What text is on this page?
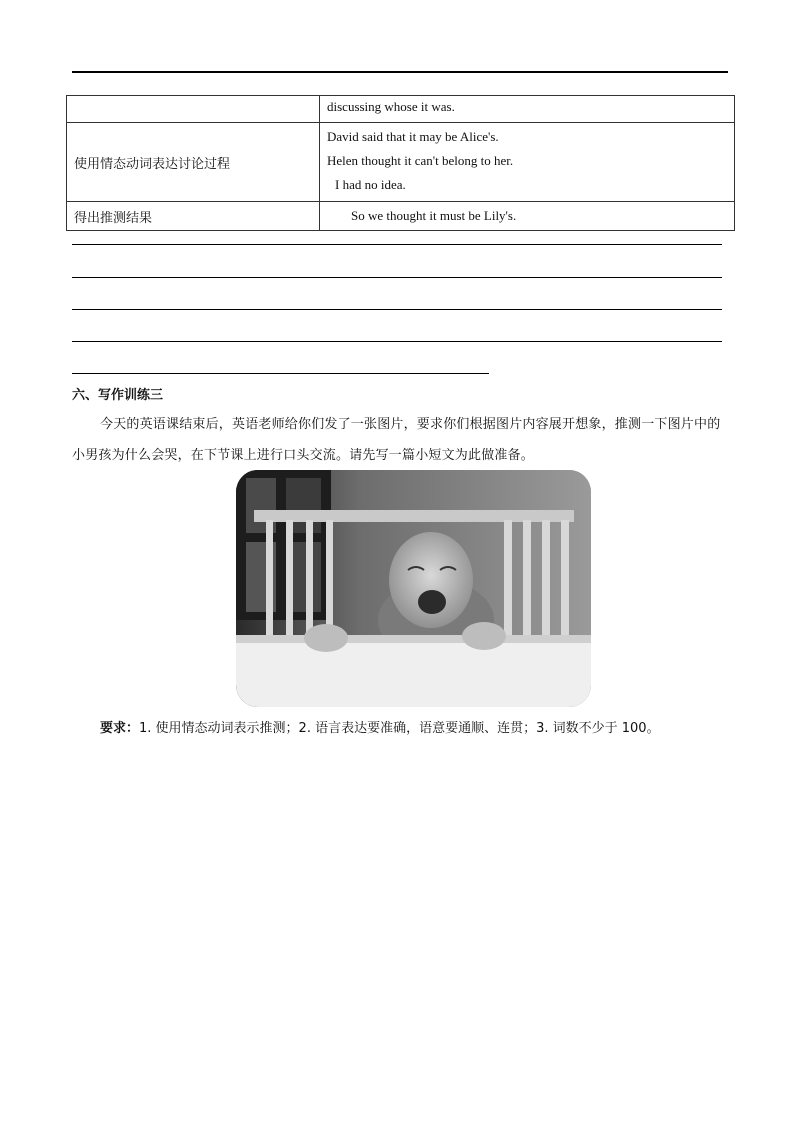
	discussing whose it was.

使用情态动词表达讨论过程	David said that it may be Alice's.
Helen thought it can't belong to her.
I had no idea.

得出推测结果	So we thought it must be Lily's.
六、写作训练三
今天的英语课结束后，英语老师给你们发了一张图片，要求你们根据图片内容展开想象，推测一下图片中的小男孩为什么会哭，在下节课上进行口头交流。请先写一篇小短文为此做准备。
要求：1. 使用情态动词表示推测；2. 语言表达要准确，语意要通顺、连贯；3. 词数不少于 100。
